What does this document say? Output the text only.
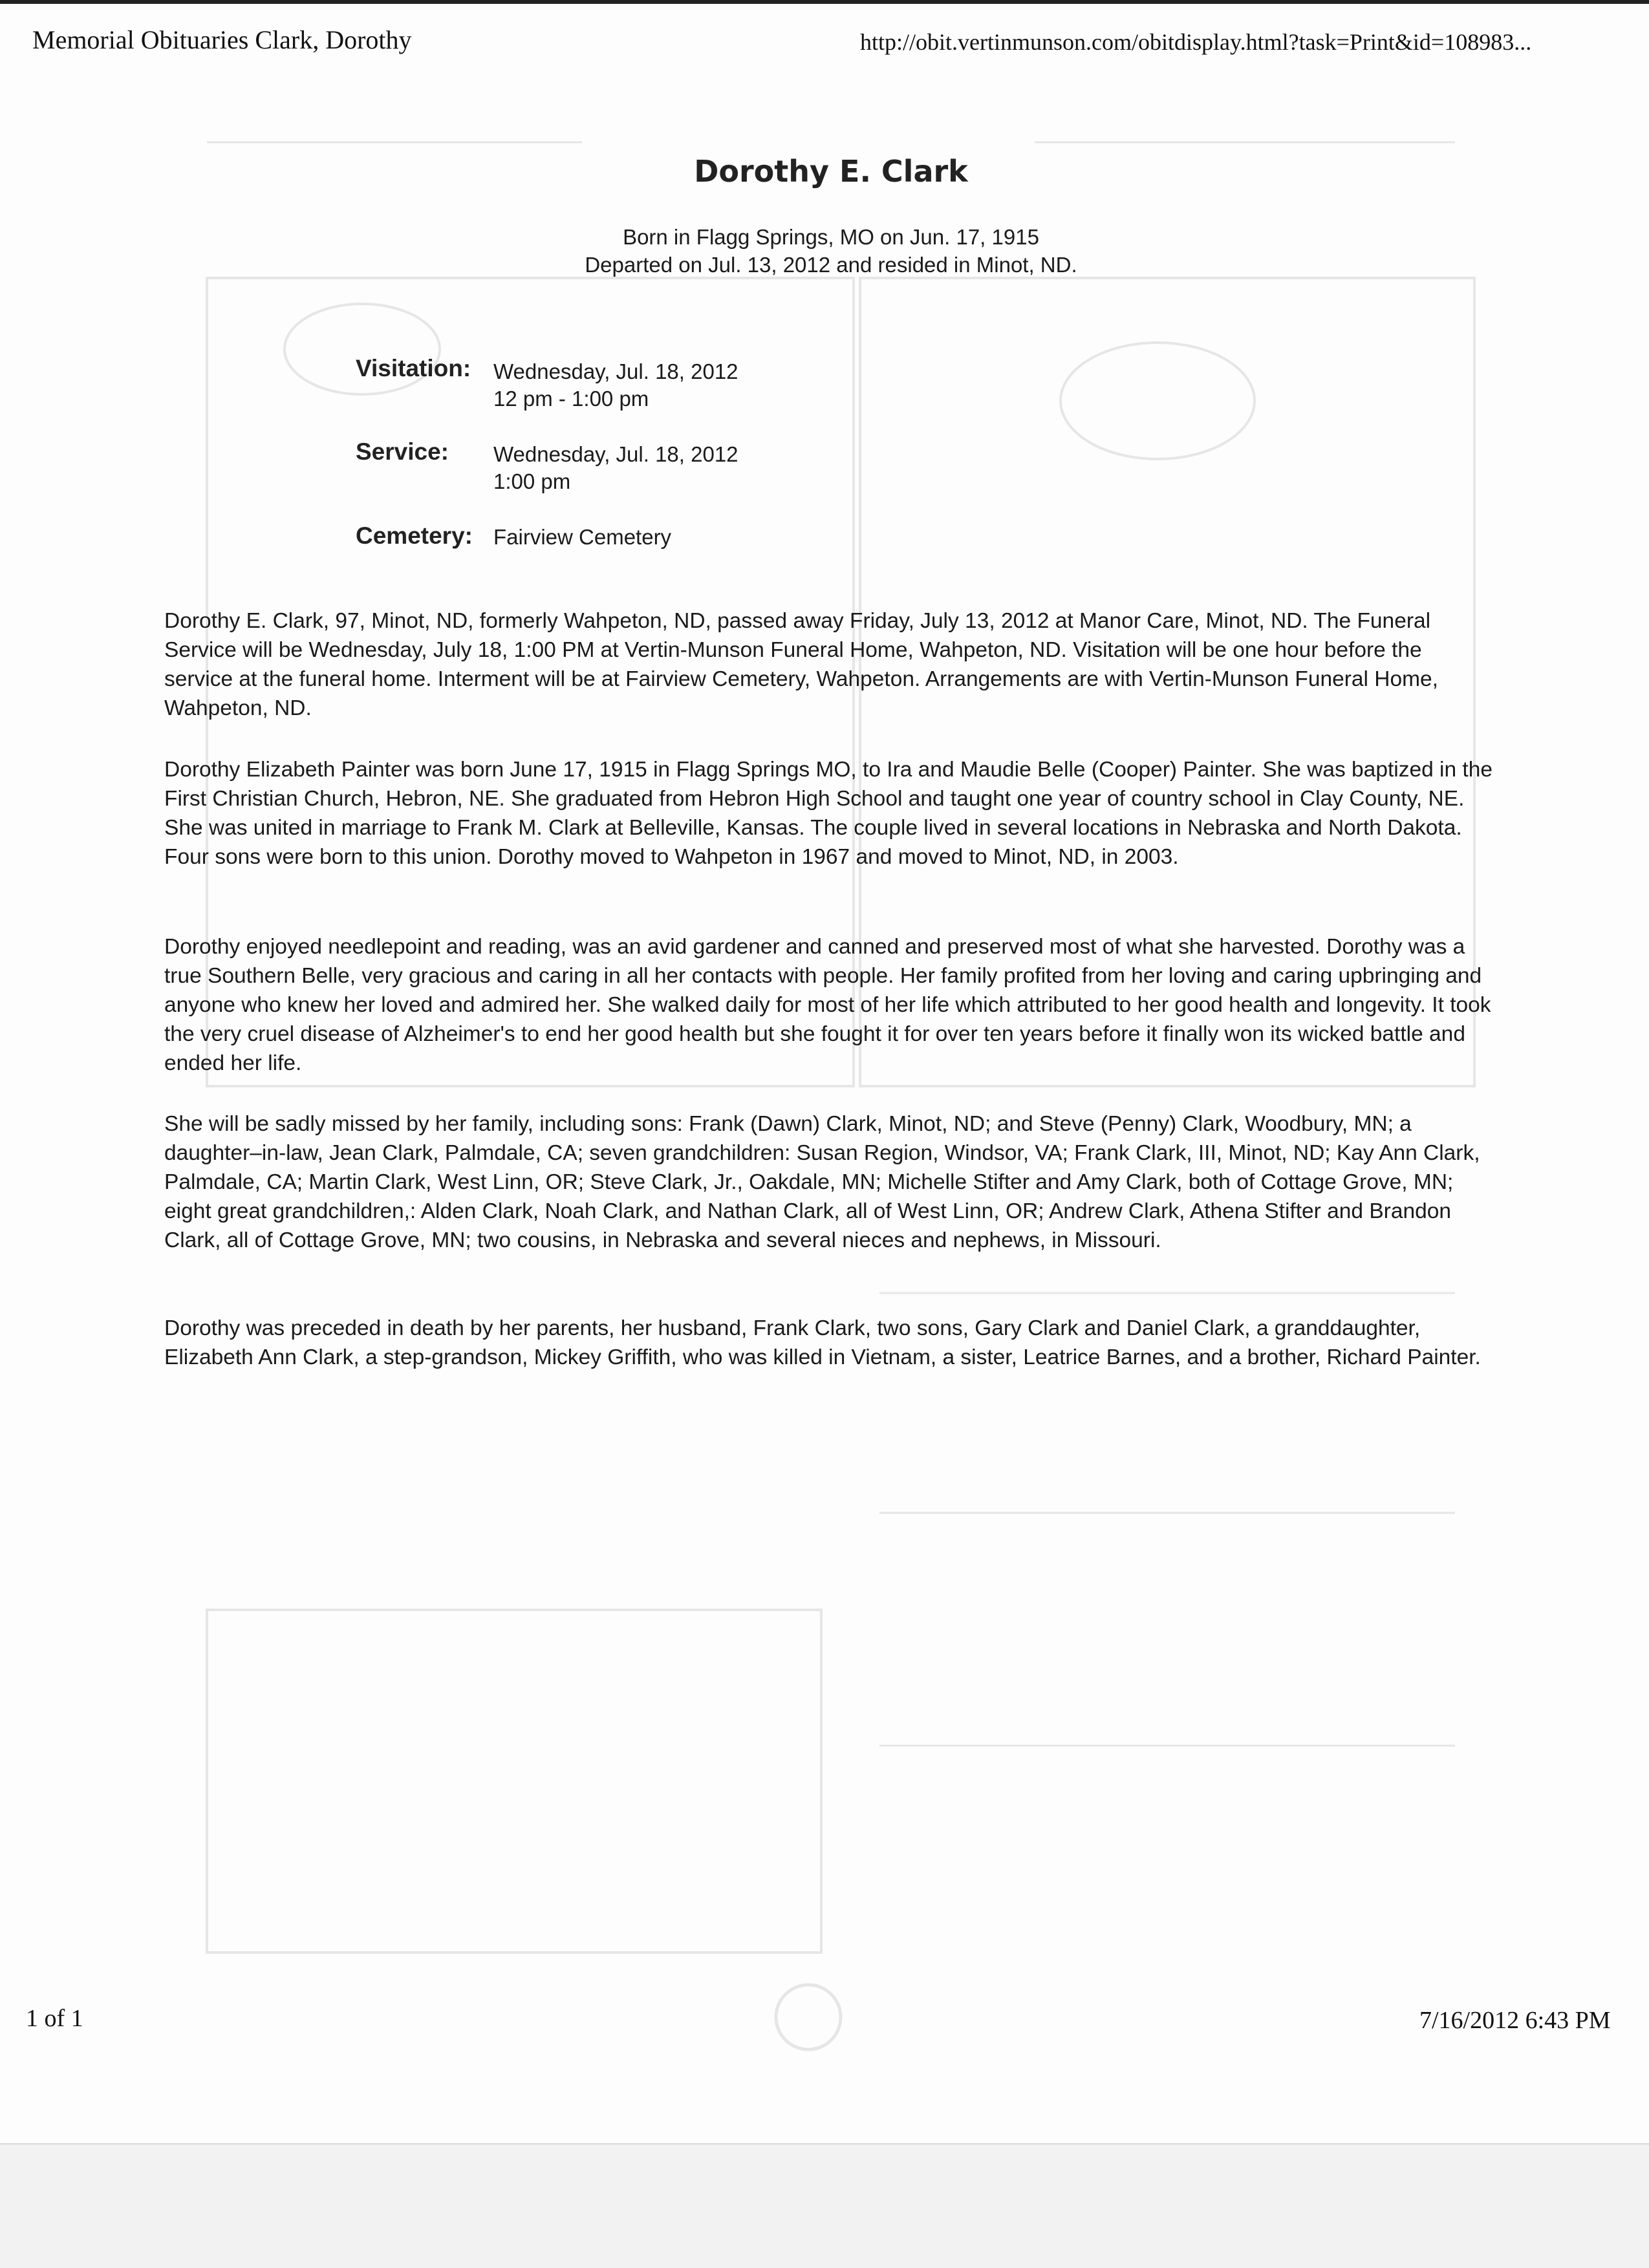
Memorial Obituaries Clark, Dorothy	http://obit.vertinmunson.com/obitdisplay.html?task=Print&id=108983...
Dorothy E. Clark
Born in Flagg Springs, MO on Jun. 17, 1915
Departed on Jul. 13, 2012 and resided in Minot, ND.
Visitation: Wednesday, Jul. 18, 2012
12 pm - 1:00 pm
Service: Wednesday, Jul. 18, 2012
1:00 pm
Cemetery: Fairview Cemetery

Dorothy E. Clark, 97, Minot, ND, formerly Wahpeton, ND, passed away Friday, July 13, 2012 at Manor Care, Minot, ND. The Funeral Service will be Wednesday, July 18, 1:00 PM at Vertin-Munson Funeral Home, Wahpeton, ND. Visitation will be one hour before the service at the funeral home. Interment will be at Fairview Cemetery, Wahpeton. Arrangements are with Vertin-Munson Funeral Home, Wahpeton, ND.

Dorothy Elizabeth Painter was born June 17, 1915 in Flagg Springs MO, to Ira and Maudie Belle (Cooper) Painter. She was baptized in the First Christian Church, Hebron, NE. She graduated from Hebron High School and taught one year of country school in Clay County, NE. She was united in marriage to Frank M. Clark at Belleville, Kansas. The couple lived in several locations in Nebraska and North Dakota. Four sons were born to this union. Dorothy moved to Wahpeton in 1967 and moved to Minot, ND, in 2003.

Dorothy enjoyed needlepoint and reading, was an avid gardener and canned and preserved most of what she harvested. Dorothy was a true Southern Belle, very gracious and caring in all her contacts with people. Her family profited from her loving and caring upbringing and anyone who knew her loved and admired her. She walked daily for most of her life which attributed to her good health and longevity. It took the very cruel disease of Alzheimer's to end her good health but she fought it for over ten years before it finally won its wicked battle and ended her life.

She will be sadly missed by her family, including sons: Frank (Dawn) Clark, Minot, ND; and Steve (Penny) Clark, Woodbury, MN; a daughter–in-law, Jean Clark, Palmdale, CA; seven grandchildren: Susan Region, Windsor, VA; Frank Clark, III, Minot, ND; Kay Ann Clark, Palmdale, CA; Martin Clark, West Linn, OR; Steve Clark, Jr., Oakdale, MN; Michelle Stifter and Amy Clark, both of Cottage Grove, MN; eight great grandchildren,: Alden Clark, Noah Clark, and Nathan Clark, all of West Linn, OR; Andrew Clark, Athena Stifter and Brandon Clark, all of Cottage Grove, MN; two cousins, in Nebraska and several nieces and nephews, in Missouri.

Dorothy was preceded in death by her parents, her husband, Frank Clark, two sons, Gary Clark and Daniel Clark, a granddaughter, Elizabeth Ann Clark, a step-grandson, Mickey Griffith, who was killed in Vietnam, a sister, Leatrice Barnes, and a brother, Richard Painter.

1 of 1	7/16/2012 6:43 PM
